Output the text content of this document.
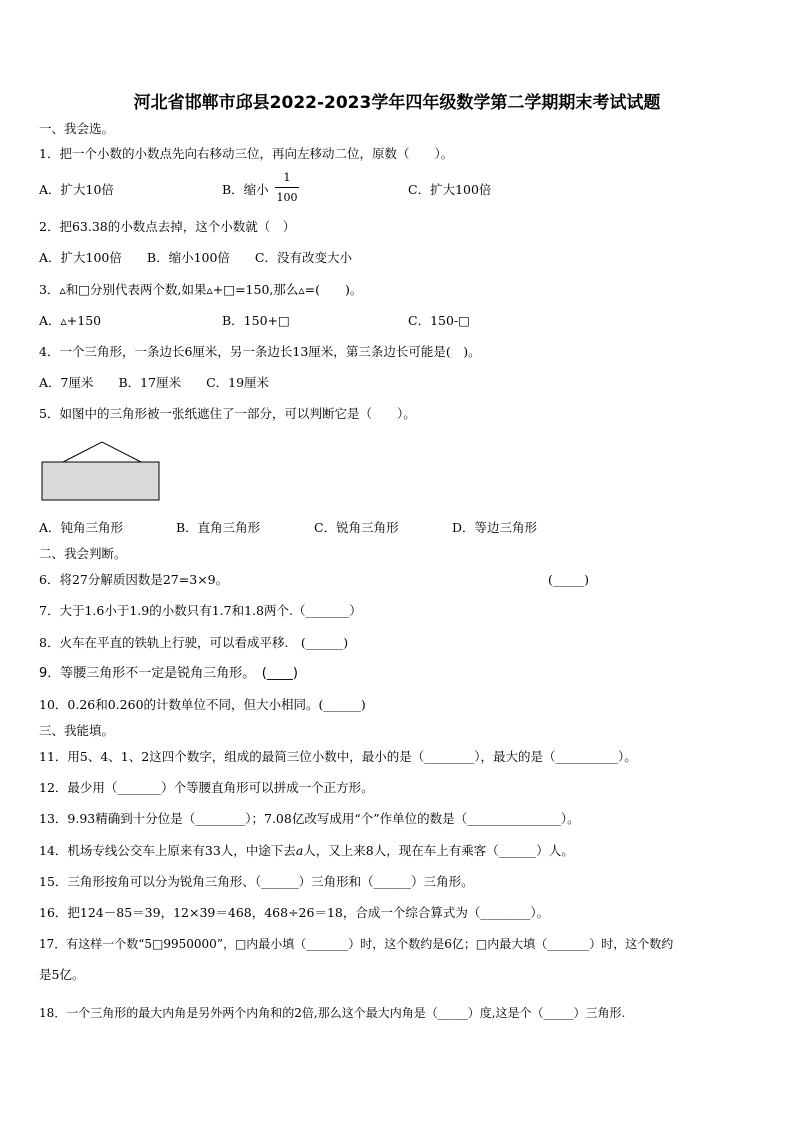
河北省邯郸市邱县2022-2023学年四年级数学第二学期期末考试试题
一、我会选。
1．把一个小数的小数点先向右移动三位，再向左移动二位，原数（　　）。
A．扩大10倍	B．缩小
1
100
C．扩大100倍
2．把63.38的小数点去掉，这个小数就（　）
A．扩大100倍　　B．缩小100倍　　C．没有改变大小
3．▵和□分别代表两个数,如果▵+□=150,那么▵=(　　)。
A．▵+150	B．150+□	C．150-□
4．一个三角形，一条边长6厘米，另一条边长13厘米，第三条边长可能是(　)。
A．7厘米　　B．17厘米　　C．19厘米
5．如图中的三角形被一张纸遮住了一部分，可以判断它是（　　）。
A．钝角三角形	B．直角三角形	C．锐角三角形	D．等边三角形
二、我会判断。
6．将27分解质因数是27=3×9。	(_____)
7．大于1.6小于1.9的小数只有1.7和1.8两个.（_______）
8．火车在平直的铁轨上行驶，可以看成平移.　(______)
9．等腰三角形不一定是锐角三角形。　(____)
10．0.26和0.260的计数单位不同，但大小相同。(______)
三、我能填。
11．用5、4、1、2这四个数字，组成的最简三位小数中，最小的是（________），最大的是（__________）。
12．最少用（_______）个等腰直角形可以拼成一个正方形。
13．9.93精确到十分位是（________）；7.08亿改写成用“个”作单位的数是（_______________）。
14．机场专线公交车上原来有33人，中途下去a人，又上来8人，现在车上有乘客（______）人。
15．三角形按角可以分为锐角三角形、（______）三角形和（______）三角形。
16．把124－85＝39，12×39＝468，468÷26＝18，合成一个综合算式为（________）。
17．有这样一个数“5□9950000”，□内最小填（_______）时，这个数约是6亿；□内最大填（_______）时，这个数约
是5亿。
18．一个三角形的最大内角是另外两个内角和的2倍,那么这个最大内角是（_____）度,这是个（_____）三角形.
